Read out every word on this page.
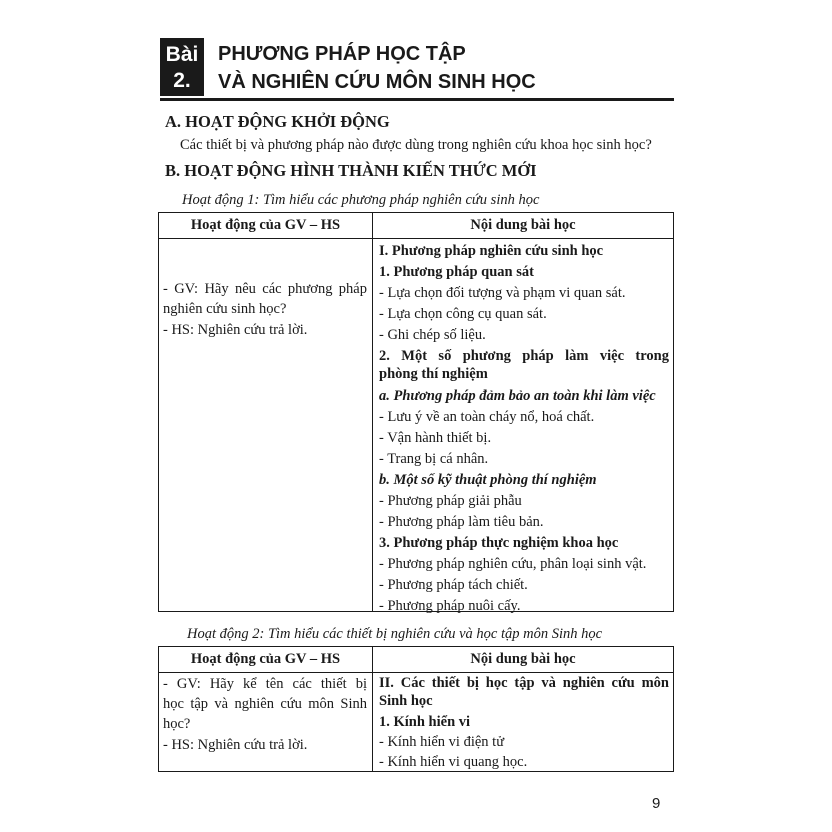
Bài
2.
PHƯƠNG PHÁP HỌC TẬP
VÀ NGHIÊN CỨU MÔN SINH HỌC
A. HOẠT ĐỘNG KHỞI ĐỘNG
Các thiết bị và phương pháp nào được dùng trong nghiên cứu khoa học sinh học?
B. HOẠT ĐỘNG HÌNH THÀNH KIẾN THỨC MỚI
Hoạt động 1: Tìm hiểu các phương pháp nghiên cứu sinh học
Hoạt động của GV – HS	Nội dung bài học
- GV: Hãy nêu các phương pháp
nghiên cứu sinh học?
- HS: Nghiên cứu trả lời.
I. Phương pháp nghiên cứu sinh học
1. Phương pháp quan sát
- Lựa chọn đối tượng và phạm vi quan sát.
- Lựa chọn công cụ quan sát.
- Ghi chép số liệu.
2. Một số phương pháp làm việc trong
phòng thí nghiệm
a. Phương pháp đảm bảo an toàn khi làm việc
- Lưu ý về an toàn cháy nổ, hoá chất.
- Vận hành thiết bị.
- Trang bị cá nhân.
b. Một số kỹ thuật phòng thí nghiệm
- Phương pháp giải phẫu
- Phương pháp làm tiêu bản.
3. Phương pháp thực nghiệm khoa học
- Phương pháp nghiên cứu, phân loại sinh vật.
- Phương pháp tách chiết.
- Phương pháp nuôi cấy.
Hoạt động 2: Tìm hiểu các thiết bị nghiên cứu và học tập môn Sinh học
Hoạt động của GV – HS	Nội dung bài học
- GV: Hãy kể tên các thiết bị
học tập và nghiên cứu môn Sinh
học?
- HS: Nghiên cứu trả lời.
II. Các thiết bị học tập và nghiên cứu môn
Sinh học
1. Kính hiển vi
- Kính hiển vi điện tử
- Kính hiển vi quang học.
9
